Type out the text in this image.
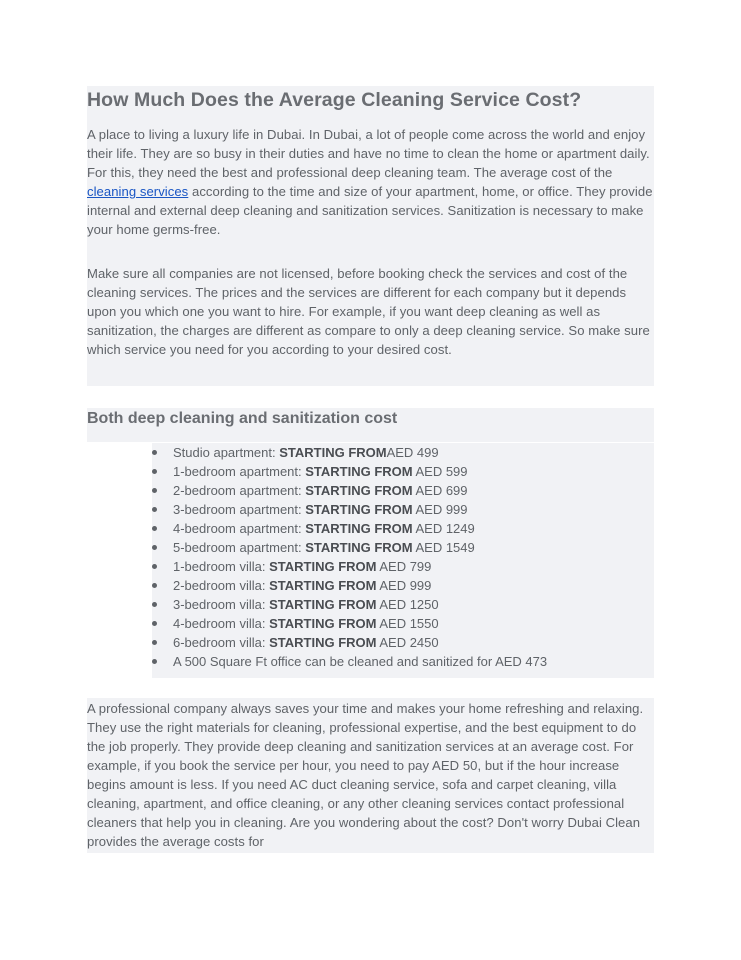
How Much Does the Average Cleaning Service Cost?

A place to living a luxury life in Dubai. In Dubai, a lot of people come across the world and enjoy their life. They are so busy in their duties and have no time to clean the home or apartment daily. For this, they need the best and professional deep cleaning team. The average cost of the cleaning services according to the time and size of your apartment, home, or office. They provide internal and external deep cleaning and sanitization services. Sanitization is necessary to make your home germs-free.

Make sure all companies are not licensed, before booking check the services and cost of the cleaning services. The prices and the services are different for each company but it depends upon you which one you want to hire. For example, if you want deep cleaning as well as sanitization, the charges are different as compare to only a deep cleaning service. So make sure which service you need for you according to your desired cost.

Both deep cleaning and sanitization cost
Studio apartment: STARTING FROMAED 499
1-bedroom apartment: STARTING FROM AED 599
2-bedroom apartment: STARTING FROM AED 699
3-bedroom apartment: STARTING FROM AED 999
4-bedroom apartment: STARTING FROM AED 1249
5-bedroom apartment: STARTING FROM AED 1549
1-bedroom villa: STARTING FROM AED 799
2-bedroom villa: STARTING FROM AED 999
3-bedroom villa: STARTING FROM AED 1250
4-bedroom villa: STARTING FROM AED 1550
6-bedroom villa: STARTING FROM AED 2450
A 500 Square Ft office can be cleaned and sanitized for AED 473

A professional company always saves your time and makes your home refreshing and relaxing. They use the right materials for cleaning, professional expertise, and the best equipment to do the job properly. They provide deep cleaning and sanitization services at an average cost. For example, if you book the service per hour, you need to pay AED 50, but if the hour increase begins amount is less. If you need AC duct cleaning service, sofa and carpet cleaning, villa cleaning, apartment, and office cleaning, or any other cleaning services contact professional cleaners that help you in cleaning. Are you wondering about the cost? Don't worry Dubai Clean provides the average costs for
